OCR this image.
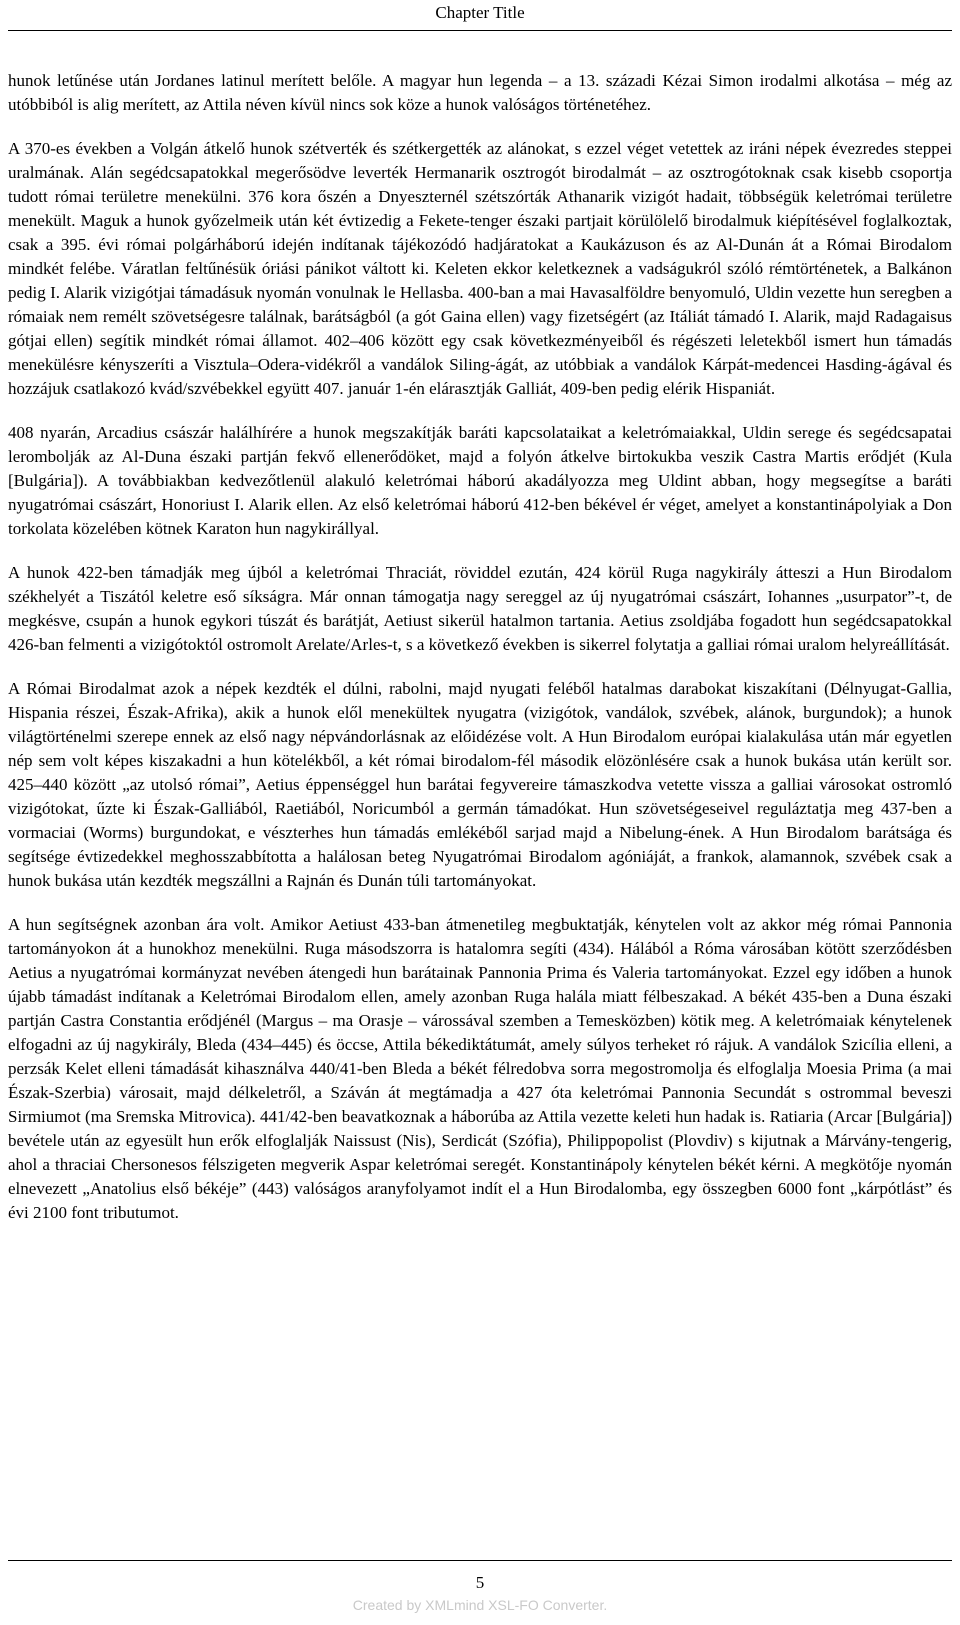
Chapter Title

hunok letűnése után Jordanes latinul merített belőle. A magyar hun legenda – a 13. századi Kézai Simon irodalmi alkotása – még az utóbbiból is alig merített, az Attila néven kívül nincs sok köze a hunok valóságos történetéhez.

A 370-es években a Volgán átkelő hunok szétverték és szétkergették az alánokat, s ezzel véget vetettek az iráni népek évezredes steppei uralmának. Alán segédcsapatokkal megerősödve leverték Hermanarik osztrogót birodalmát – az osztrogótoknak csak kisebb csoportja tudott római területre menekülni. 376 kora őszén a Dnyeszternél szétszórták Athanarik vizigót hadait, többségük keletrómai területre menekült. Maguk a hunok győzelmeik után két évtizedig a Fekete-tenger északi partjait körülölelő birodalmuk kiépítésével foglalkoztak, csak a 395. évi római polgárháború idején indítanak tájékozódó hadjáratokat a Kaukázuson és az Al-Dunán át a Római Birodalom mindkét felébe. Váratlan feltűnésük óriási pánikot váltott ki. Keleten ekkor keletkeznek a vadságukról szóló rémtörténetek, a Balkánon pedig I. Alarik vizigótjai támadásuk nyomán vonulnak le Hellasba. 400-ban a mai Havasalföldre benyomuló, Uldin vezette hun seregben a rómaiak nem remélt szövetségesre találnak, barátságból (a gót Gaina ellen) vagy fizetségért (az Itáliát támadó I. Alarik, majd Radagaisus gótjai ellen) segítik mindkét római államot. 402–406 között egy csak következményeiből és régészeti leletekből ismert hun támadás menekülésre kényszeríti a Visztula–Odera-vidékről a vandálok Siling-ágát, az utóbbiak a vandálok Kárpát-medencei Hasding-ágával és hozzájuk csatlakozó kvád/szvébekkel együtt 407. január 1-én elárasztják Galliát, 409-ben pedig elérik Hispaniát.

408 nyarán, Arcadius császár halálhírére a hunok megszakítják baráti kapcsolataikat a keletrómaiakkal, Uldin serege és segédcsapatai lerombolják az Al-Duna északi partján fekvő ellenerődöket, majd a folyón átkelve birtokukba veszik Castra Martis erődjét (Kula [Bulgária]). A továbbiakban kedvezőtlenül alakuló keletrómai háború akadályozza meg Uldint abban, hogy megsegítse a baráti nyugatrómai császárt, Honoriust I. Alarik ellen. Az első keletrómai háború 412-ben békével ér véget, amelyet a konstantinápolyiak a Don torkolata közelében kötnek Karaton hun nagykirállyal.

A hunok 422-ben támadják meg újból a keletrómai Thraciát, röviddel ezután, 424 körül Ruga nagykirály átteszi a Hun Birodalom székhelyét a Tiszától keletre eső síkságra. Már onnan támogatja nagy sereggel az új nyugatrómai császárt, Iohannes „usurpator”-t, de megkésve, csupán a hunok egykori túszát és barátját, Aetiust sikerül hatalmon tartania. Aetius zsoldjába fogadott hun segédcsapatokkal 426-ban felmenti a vizigótoktól ostromolt Arelate/Arles-t, s a következő években is sikerrel folytatja a galliai római uralom helyreállítását.

A Római Birodalmat azok a népek kezdték el dúlni, rabolni, majd nyugati feléből hatalmas darabokat kiszakítani (Délnyugat-Gallia, Hispania részei, Észak-Afrika), akik a hunok elől menekültek nyugatra (vizigótok, vandálok, szvébek, alánok, burgundok); a hunok világtörténelmi szerepe ennek az első nagy népvándorlásnak az előidézése volt. A Hun Birodalom európai kialakulása után már egyetlen nép sem volt képes kiszakadni a hun kötelékből, a két római birodalom-fél második elözönlésére csak a hunok bukása után került sor. 425–440 között „az utolsó római”, Aetius éppenséggel hun barátai fegyvereire támaszkodva vetette vissza a galliai városokat ostromló vizigótokat, űzte ki Észak-Galliából, Raetiából, Noricumból a germán támadókat. Hun szövetségeseivel reguláztatja meg 437-ben a vormaciai (Worms) burgundokat, e vészterhes hun támadás emlékéből sarjad majd a Nibelung-ének. A Hun Birodalom barátsága és segítsége évtizedekkel meghosszabbította a halálosan beteg Nyugatrómai Birodalom agóniáját, a frankok, alamannok, szvébek csak a hunok bukása után kezdték megszállni a Rajnán és Dunán túli tartományokat.

A hun segítségnek azonban ára volt. Amikor Aetiust 433-ban átmenetileg megbuktatják, kénytelen volt az akkor még római Pannonia tartományokon át a hunokhoz menekülni. Ruga másodszorra is hatalomra segíti (434). Hálából a Róma városában kötött szerződésben Aetius a nyugatrómai kormányzat nevében átengedi hun barátainak Pannonia Prima és Valeria tartományokat. Ezzel egy időben a hunok újabb támadást indítanak a Keletrómai Birodalom ellen, amely azonban Ruga halála miatt félbeszakad. A békét 435-ben a Duna északi partján Castra Constantia erődjénél (Margus – ma Orasje – várossával szemben a Temesközben) kötik meg. A keletrómaiak kénytelenek elfogadni az új nagykirály, Bleda (434–445) és öccse, Attila békediktátumát, amely súlyos terheket ró rájuk. A vandálok Szicília elleni, a perzsák Kelet elleni támadását kihasználva 440/41-ben Bleda a békét félredobva sorra megostromolja és elfoglalja Moesia Prima (a mai Észak-Szerbia) városait, majd délkeletről, a Száván át megtámadja a 427 óta keletrómai Pannonia Secundát s ostrommal beveszi Sirmiumot (ma Sremska Mitrovica). 441/42-ben beavatkoznak a háborúba az Attila vezette keleti hun hadak is. Ratiaria (Arcar [Bulgária]) bevétele után az egyesült hun erők elfoglalják Naissust (Nis), Serdicát (Szófia), Philippopolist (Plovdiv) s kijutnak a Márvány-tengerig, ahol a thraciai Chersonesos félszigeten megverik Aspar keletrómai seregét. Konstantinápoly kénytelen békét kérni. A megkötője nyomán elnevezett „Anatolius első békéje” (443) valóságos aranyfolyamot indít el a Hun Birodalomba, egy összegben 6000 font „kárpótlást” és évi 2100 font tributumot.

5
Created by XMLmind XSL-FO Converter.
